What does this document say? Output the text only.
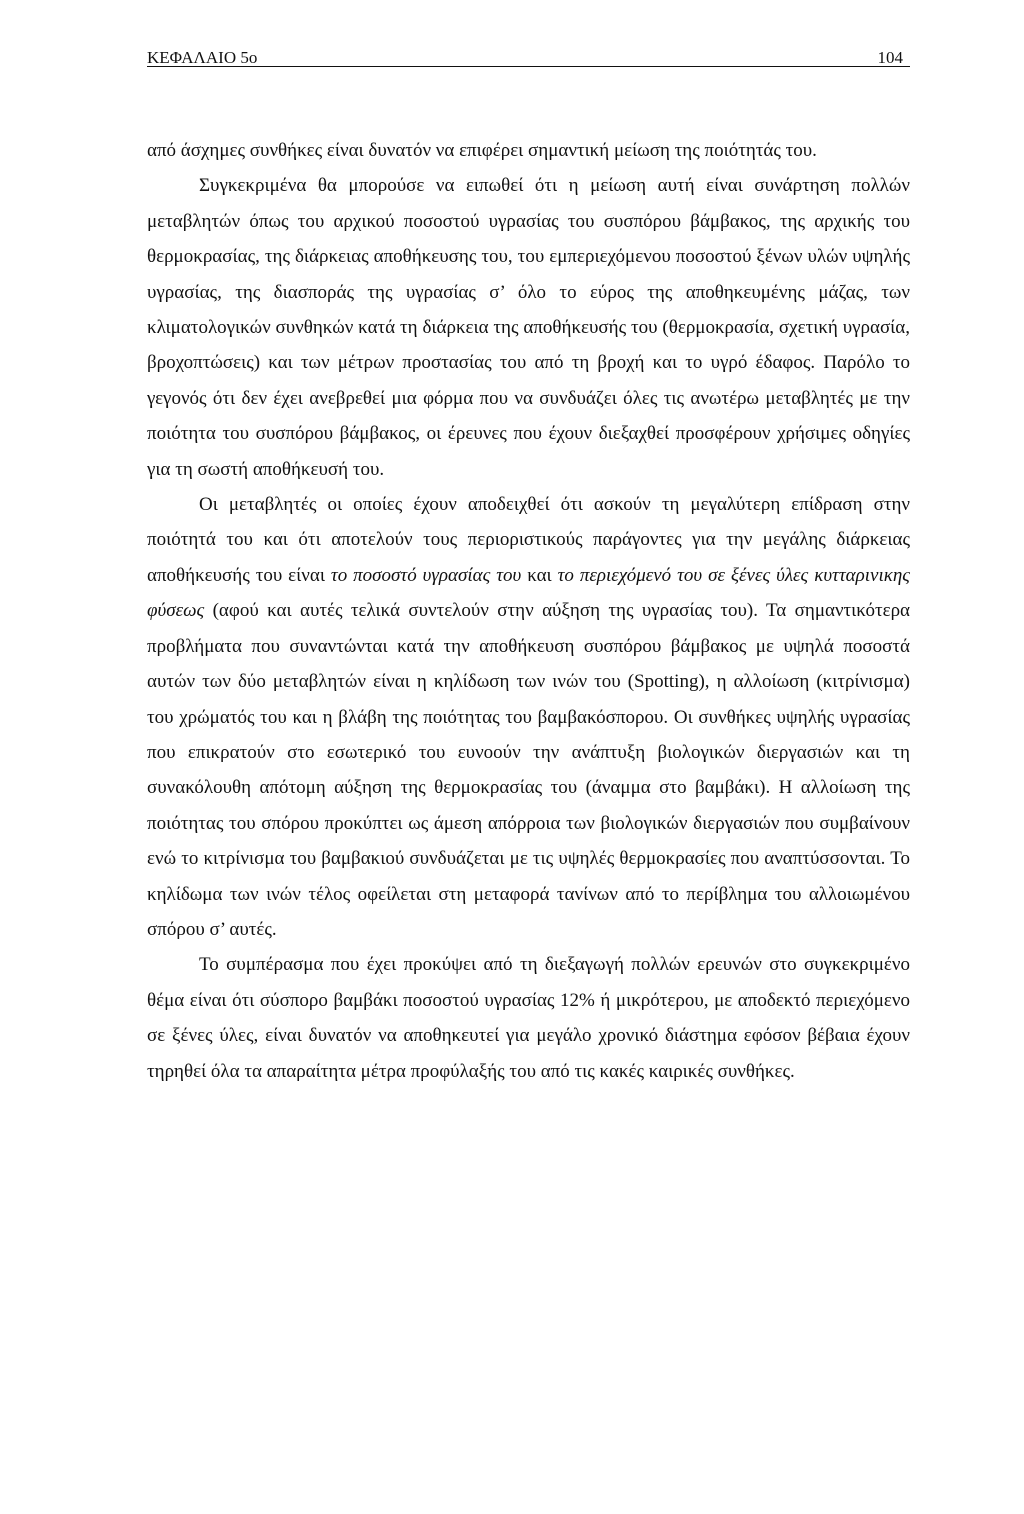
ΚΕΦΑΛΑΙΟ 5ο	104

από άσχημες συνθήκες είναι δυνατόν να επιφέρει σημαντική μείωση της ποιότητάς του.

Συγκεκριμένα θα μπορούσε να ειπωθεί ότι η μείωση αυτή είναι συνάρτηση πολλών μεταβλητών όπως του αρχικού ποσοστού υγρασίας του συσπόρου βάμβακος, της αρχικής του θερμοκρασίας, της διάρκειας αποθήκευσης του, του εμπεριεχόμενου ποσοστού ξένων υλών υψηλής υγρασίας, της διασποράς της υγρασίας σ’ όλο το εύρος της αποθηκευμένης μάζας, των κλιματολογικών συνθηκών κατά τη διάρκεια της αποθήκευσής του (θερμοκρασία, σχετική υγρασία, βροχοπτώσεις) και των μέτρων προστασίας του από τη βροχή και το υγρό έδαφος. Παρόλο το γεγονός ότι δεν έχει ανεβρεθεί μια φόρμα που να συνδυάζει όλες τις ανωτέρω μεταβλητές με την ποιότητα του συσπόρου βάμβακος, οι έρευνες που έχουν διεξαχθεί προσφέρουν χρήσιμες οδηγίες για τη σωστή αποθήκευσή του.

Οι μεταβλητές οι οποίες έχουν αποδειχθεί ότι ασκούν τη μεγαλύτερη επίδραση στην ποιότητά του και ότι αποτελούν τους περιοριστικούς παράγοντες για την μεγάλης διάρκειας αποθήκευσής του είναι το ποσοστό υγρασίας του και το περιεχόμενό του σε ξένες ύλες κυτταρινικης φύσεως (αφού και αυτές τελικά συντελούν στην αύξηση της υγρασίας του). Τα σημαντικότερα προβλήματα που συναντώνται κατά την αποθήκευση συσπόρου βάμβακος με υψηλά ποσοστά αυτών των δύο μεταβλητών είναι η κηλίδωση των ινών του (Spotting), η αλλοίωση (κιτρίνισμα) του χρώματός του και η βλάβη της ποιότητας του βαμβακόσπορου. Οι συνθήκες υψηλής υγρασίας που επικρατούν στο εσωτερικό του ευνοούν την ανάπτυξη βιολογικών διεργασιών και τη συνακόλουθη απότομη αύξηση της θερμοκρασίας του (άναμμα στο βαμβάκι). Η αλλοίωση της ποιότητας του σπόρου προκύπτει ως άμεση απόρροια των βιολογικών διεργασιών που συμβαίνουν ενώ το κιτρίνισμα του βαμβακιού συνδυάζεται με τις υψηλές θερμοκρασίες που αναπτύσσονται. Το κηλίδωμα των ινών τέλος οφείλεται στη μεταφορά τανίνων από το περίβλημα του αλλοιωμένου σπόρου σ’ αυτές.

Το συμπέρασμα που έχει προκύψει από τη διεξαγωγή πολλών ερευνών στο συγκεκριμένο θέμα είναι ότι σύσπορο βαμβάκι ποσοστού υγρασίας 12% ή μικρότερου, με αποδεκτό περιεχόμενο σε ξένες ύλες, είναι δυνατόν να αποθηκευτεί για μεγάλο χρονικό διάστημα εφόσον βέβαια έχουν τηρηθεί όλα τα απαραίτητα μέτρα προφύλαξής του από τις κακές καιρικές συνθήκες.
